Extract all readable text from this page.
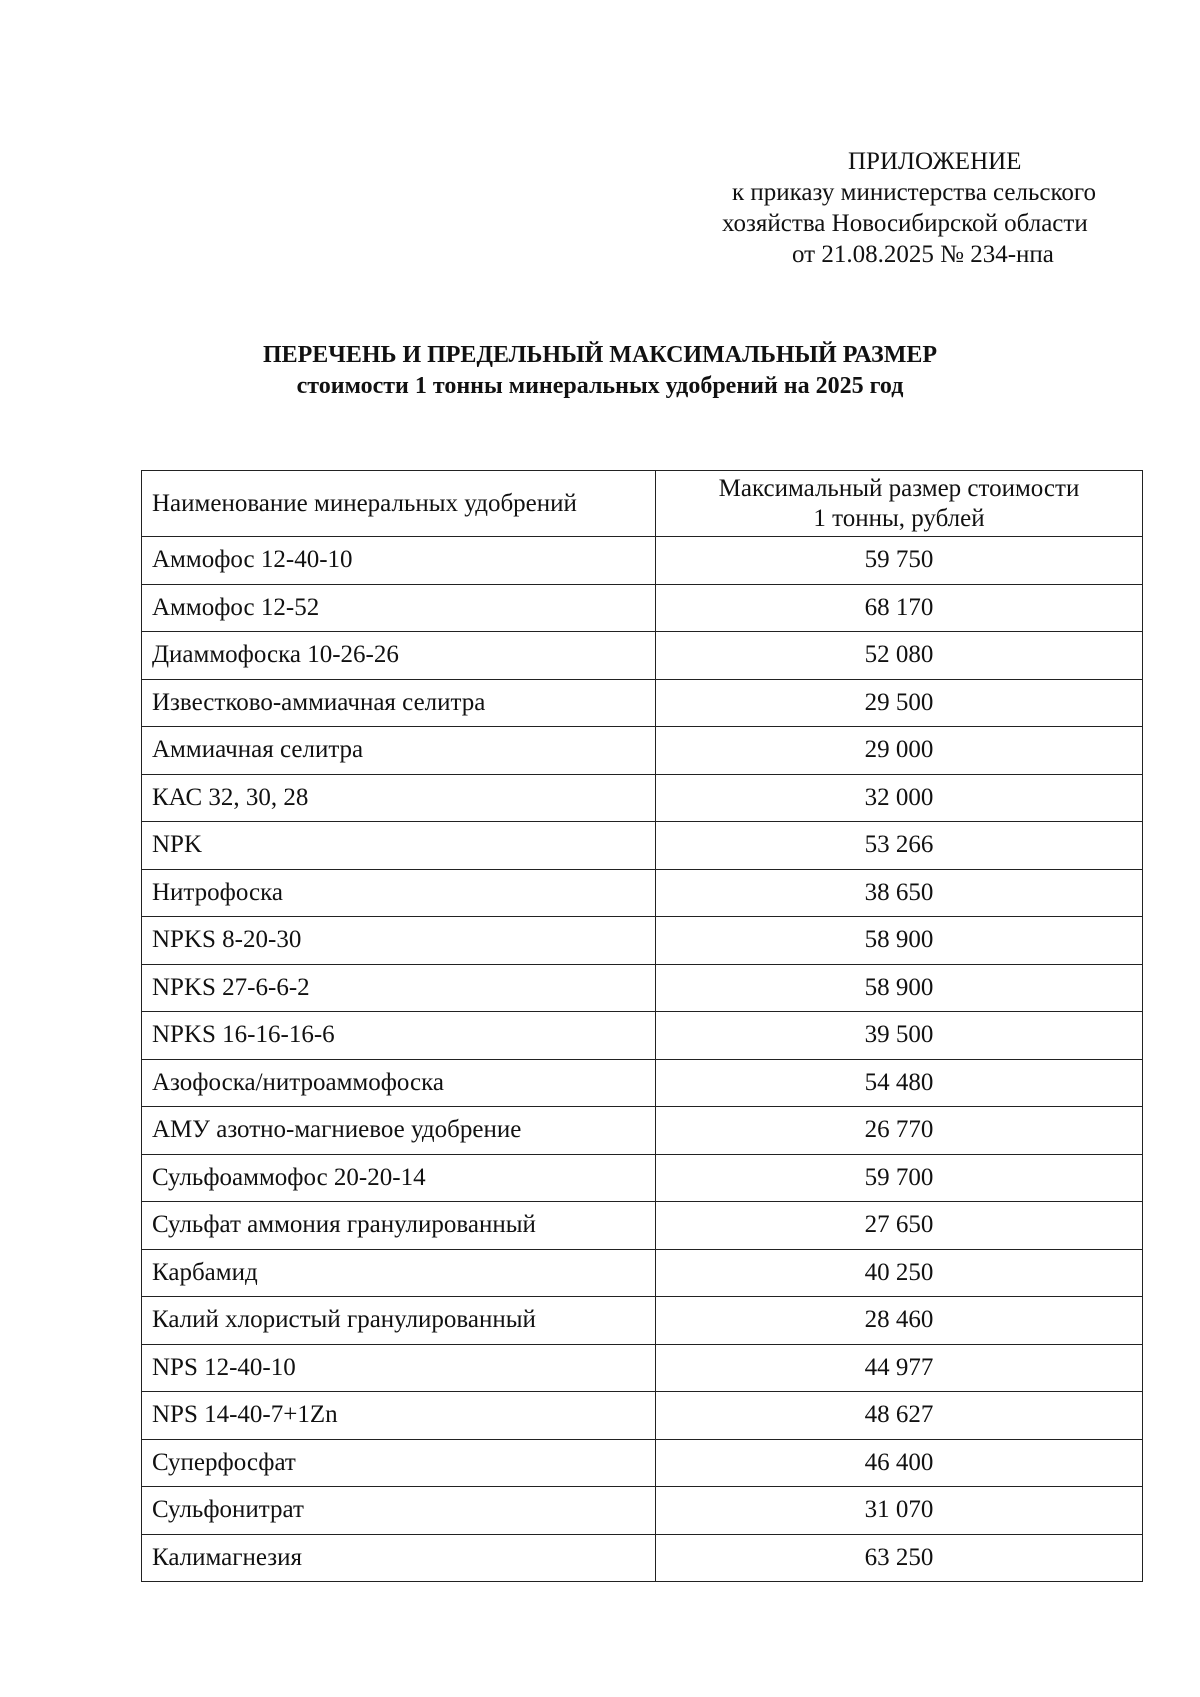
ПРИЛОЖЕНИЕ
к приказу министерства сельского
хозяйства Новосибирской области
от 21.08.2025 № 234-нпа
ПЕРЕЧЕНЬ И ПРЕДЕЛЬНЫЙ МАКСИМАЛЬНЫЙ РАЗМЕР
стоимости 1 тонны минеральных удобрений на 2025 год
Наименование минеральных удобрений	Максимальный размер стоимости
1 тонны, рублей

Аммофос 12-40-10	59 750
Аммофос 12-52	68 170
Диаммофоска 10-26-26	52 080
Известково-аммиачная селитра	29 500
Аммиачная селитра	29 000
КАС 32, 30, 28	32 000
NPK	53 266
Нитрофоска	38 650
NPKS 8-20-30	58 900
NPKS 27-6-6-2	58 900
NPKS 16-16-16-6	39 500
Азофоска/нитроаммофоска	54 480
АМУ азотно-магниевое удобрение	26 770
Сульфоаммофос 20-20-14	59 700
Сульфат аммония гранулированный	27 650
Карбамид	40 250
Калий хлористый гранулированный	28 460
NPS 12-40-10	44 977
NPS 14-40-7+1Zn	48 627
Суперфосфат	46 400
Сульфонитрат	31 070
Калимагнезия	63 250
